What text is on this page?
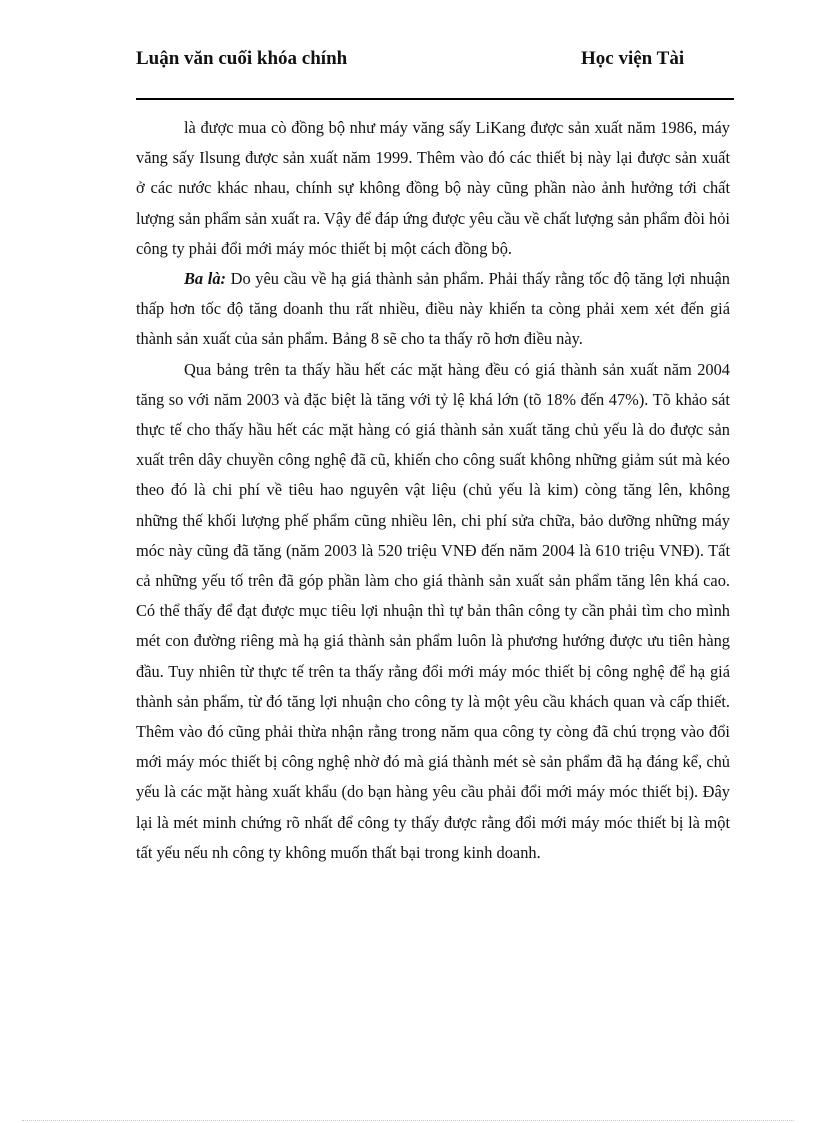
Luận văn cuối khóa chính	Học viện Tài

là được mua cò đồng bộ như máy văng sấy LiKang được sản xuất năm 1986, máy văng sấy Ilsung được sản xuất năm 1999. Thêm vào đó các thiết bị này lại được sản xuất ở các nước khác nhau, chính sự không đồng bộ này cũng phần nào ảnh hưởng tới chất lượng sản phẩm sản xuất ra. Vậy để đáp ứng được yêu cầu về chất lượng sản phẩm đòi hỏi công ty phải đổi mới máy móc thiết bị một cách đồng bộ.

Ba là: Do yêu cầu về hạ giá thành sản phẩm. Phải thấy rằng tốc độ tăng lợi nhuận thấp hơn tốc độ tăng doanh thu rất nhiều, điều này khiến ta còng phải xem xét đến giá thành sản xuất của sản phẩm. Bảng 8 sẽ cho ta thấy rõ hơn điều này.

Qua bảng trên ta thấy hầu hết các mặt hàng đều có giá thành sản xuất năm 2004 tăng so với năm 2003 và đặc biệt là tăng với tỷ lệ khá lớn (tõ 18% đến 47%). Tõ khảo sát thực tế cho thấy hầu hết các mặt hàng có giá thành sản xuất tăng chủ yếu là do được sản xuất trên dây chuyền công nghệ đã cũ, khiến cho công suất không những giảm sút mà kéo theo đó là chi phí về tiêu hao nguyên vật liệu (chủ yếu là kim) còng tăng lên, không những thế khối lượng phế phẩm cũng nhiều lên, chi phí sửa chữa, bảo dưỡng những máy móc này cũng đã tăng (năm 2003 là 520 triệu VNĐ đến năm 2004 là 610 triệu VNĐ). Tất cả những yếu tố trên đã góp phần làm cho giá thành sản xuất sản phẩm tăng lên khá cao. Có thể thấy để đạt được mục tiêu lợi nhuận thì tự bản thân công ty cần phải tìm cho mình mét con đường riêng mà hạ giá thành sản phẩm luôn là phương hướng được ưu tiên hàng đầu. Tuy nhiên từ thực tế trên ta thấy rằng đổi mới máy móc thiết bị công nghệ để hạ giá thành sản phẩm, từ đó tăng lợi nhuận cho công ty là một yêu cầu khách quan và cấp thiết. Thêm vào đó cũng phải thừa nhận rằng trong năm qua công ty còng đã chú trọng vào đổi mới máy móc thiết bị công nghệ nhờ đó mà giá thành mét sè sản phẩm đã hạ đáng kể, chủ yếu là các mặt hàng xuất khẩu (do bạn hàng yêu cầu phải đổi mới máy móc thiết bị). Đây lại là mét minh chứng rõ nhất để công ty thấy được rằng đổi mới máy móc thiết bị là một tất yếu nếu nh công ty không muốn thất bại trong kinh doanh.
